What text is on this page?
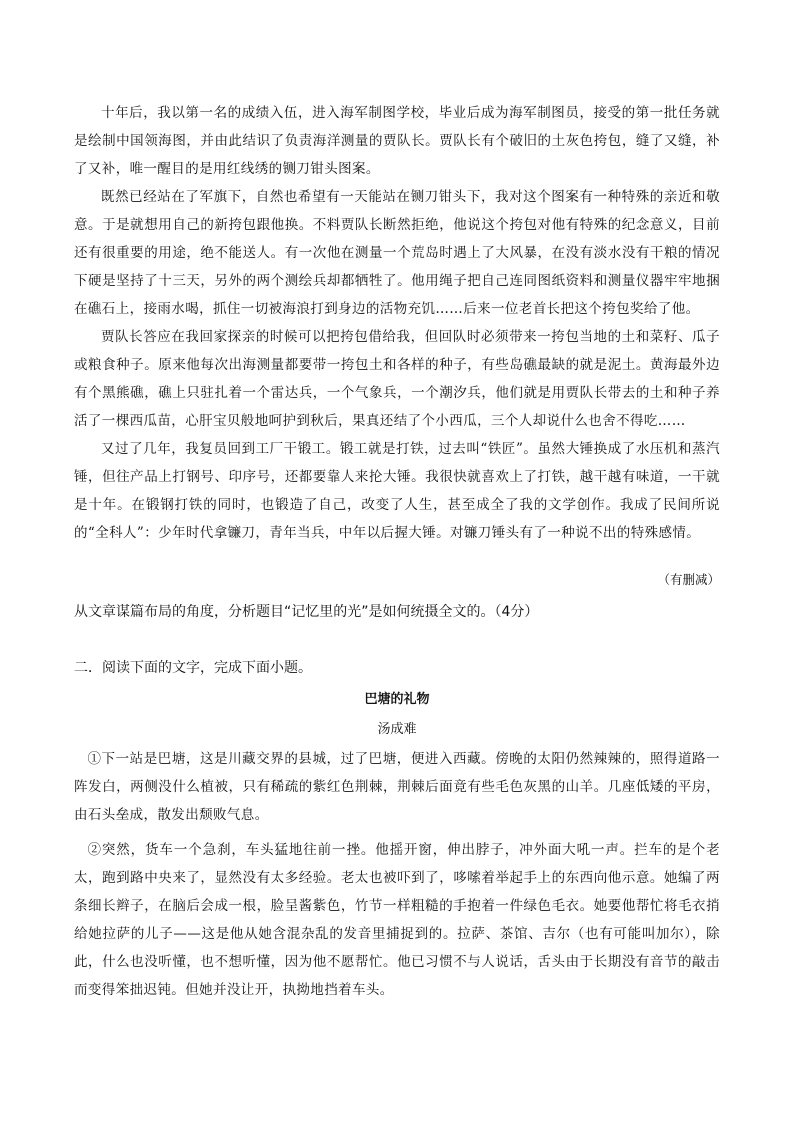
十年后，我以第一名的成绩入伍，进入海军制图学校，毕业后成为海军制图员，接受的第一批任务就是绘制中国领海图，并由此结识了负责海洋测量的贾队长。贾队长有个破旧的土灰色挎包，缝了又缝，补了又补，唯一醒目的是用红线绣的铡刀钳头图案。

既然已经站在了军旗下，自然也希望有一天能站在铡刀钳头下，我对这个图案有一种特殊的亲近和敬意。于是就想用自己的新挎包跟他换。不料贾队长断然拒绝，他说这个挎包对他有特殊的纪念意义，目前还有很重要的用途，绝不能送人。有一次他在测量一个荒岛时遇上了大风暴，在没有淡水没有干粮的情况下硬是坚持了十三天，另外的两个测绘兵却都牺牲了。他用绳子把自己连同图纸资料和测量仪器牢牢地捆在礁石上，接雨水喝，抓住一切被海浪打到身边的活物充饥……后来一位老首长把这个挎包奖给了他。

贾队长答应在我回家探亲的时候可以把挎包借给我，但回队时必须带来一挎包当地的土和菜籽、瓜子或粮食种子。原来他每次出海测量都要带一挎包土和各样的种子，有些岛礁最缺的就是泥土。黄海最外边有个黑熊礁，礁上只驻扎着一个雷达兵，一个气象兵，一个潮汐兵，他们就是用贾队长带去的土和种子养活了一棵西瓜苗，心肝宝贝般地呵护到秋后，果真还结了个小西瓜，三个人却说什么也舍不得吃……

又过了几年，我复员回到工厂干锻工。锻工就是打铁，过去叫“铁匠”。虽然大锤换成了水压机和蒸汽锤，但往产品上打钢号、印序号，还都要靠人来抡大锤。我很快就喜欢上了打铁，越干越有味道，一干就是十年。在锻钢打铁的同时，也锻造了自己，改变了人生，甚至成全了我的文学创作。我成了民间所说的“全科人”：少年时代拿镰刀，青年当兵，中年以后握大锤。对镰刀锤头有了一种说不出的特殊感情。

（有删减）
从文章谋篇布局的角度，分析题目“记忆里的光”是如何统摄全文的。（4分）
二．阅读下面的文字，完成下面小题。
巴塘的礼物
汤成难

①下一站是巴塘，这是川藏交界的县城，过了巴塘，便进入西藏。傍晚的太阳仍然辣辣的，照得道路一阵发白，两侧没什么植被，只有稀疏的紫红色荆棘，荆棘后面竟有些毛色灰黑的山羊。几座低矮的平房，由石头垒成，散发出颓败气息。

②突然，货车一个急刹，车头猛地往前一挫。他摇开窗，伸出脖子，冲外面大吼一声。拦车的是个老太，跑到路中央来了，显然没有太多经验。老太也被吓到了，哆嗦着举起手上的东西向他示意。她编了两条细长辫子，在脑后会成一根，脸呈酱紫色，竹节一样粗糙的手抱着一件绿色毛衣。她要他帮忙将毛衣捎给她拉萨的儿子——这是他从她含混杂乱的发音里捕捉到的。拉萨、茶馆、吉尔（也有可能叫加尔），除此，什么也没听懂，也不想听懂，因为他不愿帮忙。他已习惯不与人说话，舌头由于长期没有音节的敲击而变得笨拙迟钝。但她并没让开，执拗地挡着车头。
